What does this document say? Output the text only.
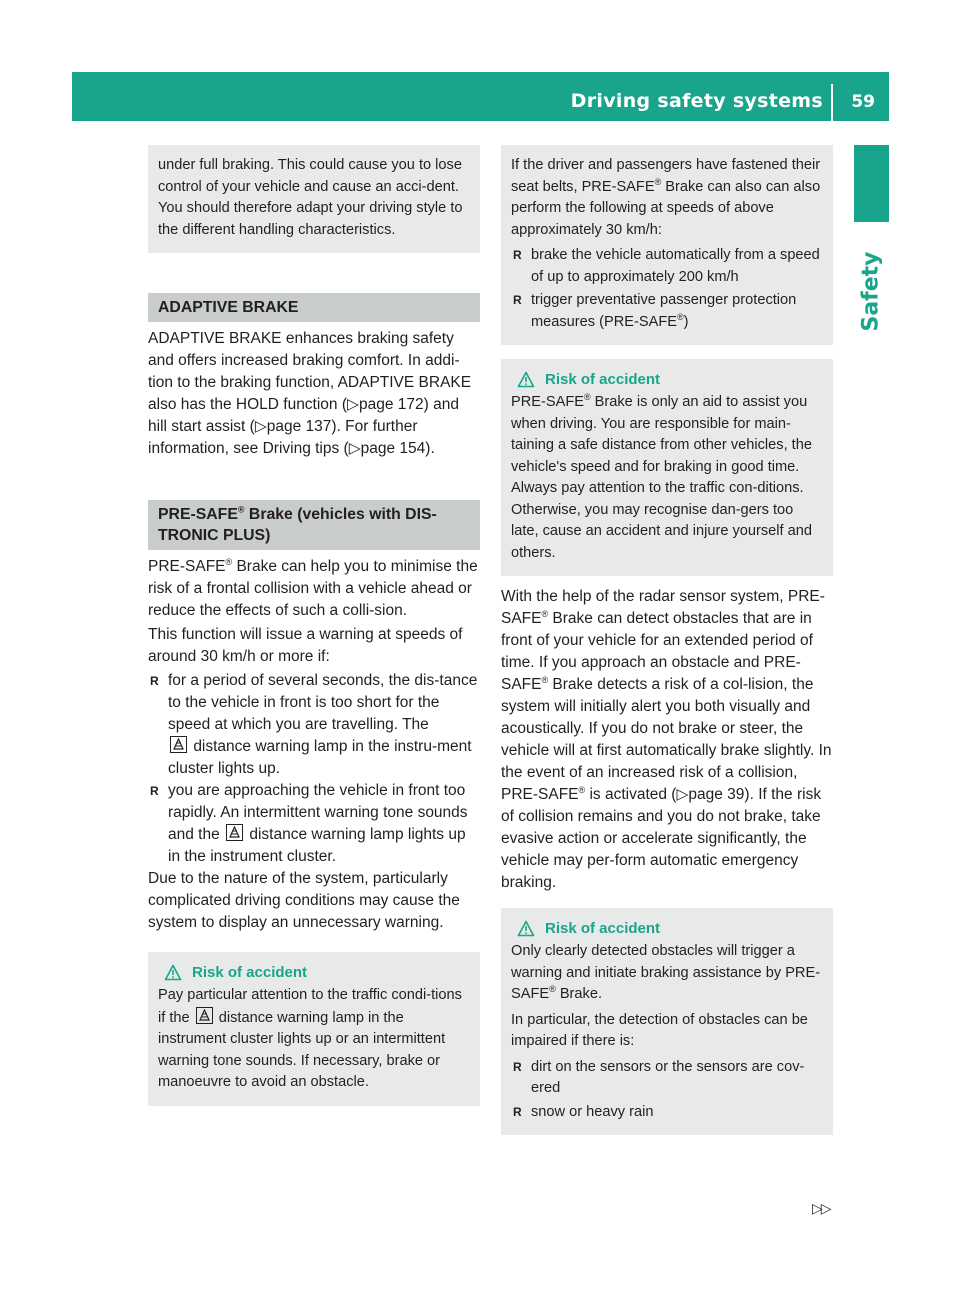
Driving safety systems 59
Safety

under full braking. This could cause you to lose control of your vehicle and cause an acci-dent. You should therefore adapt your driving style to the different handling characteristics.

ADAPTIVE BRAKE

ADAPTIVE BRAKE enhances braking safety and offers increased braking comfort. In addi-tion to the braking function, ADAPTIVE BRAKE also has the HOLD function (▷page 172) and hill start assist (▷page 137). For further information, see Driving tips (▷page 154).

PRE-SAFE® Brake (vehicles with DIS-TRONIC PLUS)

PRE-SAFE® Brake can help you to minimise the risk of a frontal collision with a vehicle ahead or reduce the effects of such a colli-sion.

This function will issue a warning at speeds of around 30 km/h or more if:

R
for a period of several seconds, the dis-tance to the vehicle in front is too short for the speed at which you are travelling. The

distance warning lamp in the instru-ment cluster lights up.
R
you are approaching the vehicle in front too rapidly. An intermittent warning tone sounds and the distance warning lamp lights up in the instrument cluster.

Due to the nature of the system, particularly complicated driving conditions may cause the system to display an unnecessary warning.

Risk of accident

Pay particular attention to the traffic condi-tions if the distance warning lamp in the instrument cluster lights up or an intermittent warning tone sounds. If necessary, brake or manoeuvre to avoid an obstacle.

If the driver and passengers have fastened their seat belts, PRE-SAFE® Brake can also can also perform the following at speeds of above approximately 30 km/h:

R
brake the vehicle automatically from a speed of up to approximately 200 km/h
R
trigger preventative passenger protection measures (PRE-SAFE®)
Risk of accident

PRE-SAFE® Brake is only an aid to assist you when driving. You are responsible for main-taining a safe distance from other vehicles, the vehicle's speed and for braking in good time. Always pay attention to the traffic con-ditions. Otherwise, you may recognise dan-gers too late, cause an accident and injure yourself and others.

With the help of the radar sensor system, PRE-SAFE® Brake can detect obstacles that are in front of your vehicle for an extended period of time. If you approach an obstacle and PRE-SAFE® Brake detects a risk of a col-lision, the system will initially alert you both visually and acoustically. If you do not brake or steer, the vehicle will at first automatically brake slightly. In the event of an increased risk of a collision, PRE-SAFE® is activated (▷page 39). If the risk of collision remains and you do not brake, take evasive action or accelerate significantly, the vehicle may per-form automatic emergency braking.

Risk of accident

Only clearly detected obstacles will trigger a warning and initiate braking assistance by PRE-SAFE® Brake.

In particular, the detection of obstacles can be impaired if there is:

R
dirt on the sensors or the sensors are cov-ered
R
snow or heavy rain
▷▷
